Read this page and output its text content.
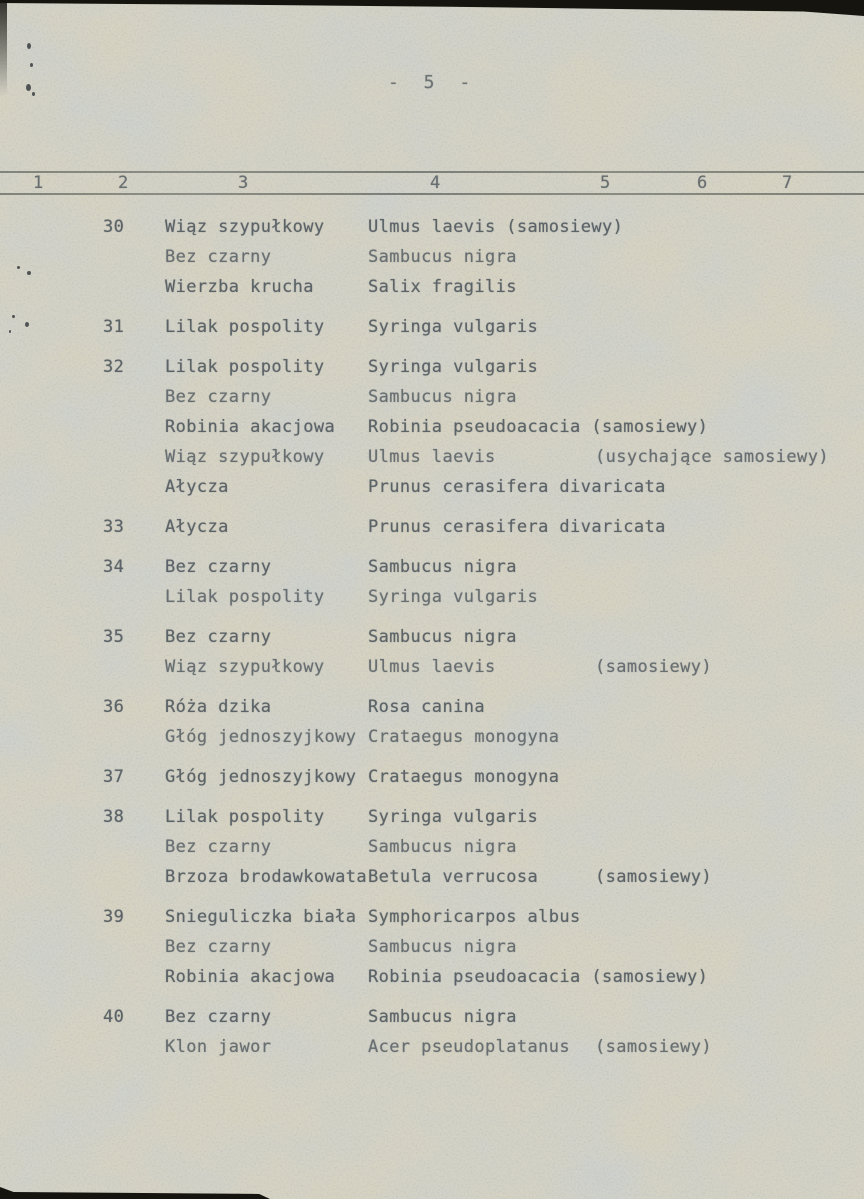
- 5 -
1	2	3	4	5	6	7
30 Wiąz szypułkowy	Ulmus laevis (samosiewy)
Bez czarny	Sambucus nigra
Wierzba krucha	Salix fragilis
31 Lilak pospolity	Syringa vulgaris
32 Lilak pospolity	Syringa vulgaris
Bez czarny	Sambucus nigra
Robinia akacjowa Robinia pseudoacacia (samosiewy)
Wiąz szypułkowy	Ulmus laevis	(usychające samosiewy)
Ałycza	Prunus cerasifera divaricata
33 Ałycza	Prunus cerasifera divaricata
34 Bez czarny	Sambucus nigra
Lilak pospolity	Syringa vulgaris
35 Bez czarny	Sambucus nigra
Wiąz szypułkowy	Ulmus laevis	(samosiewy)
36 Róża dzika	Rosa canina
Głóg jednoszyjkowy Crataegus monogyna
37 Głóg jednoszyjkowy Crataegus monogyna
38 Lilak pospolity	Syringa vulgaris
Bez czarny	Sambucus nigra
Brzoza brodawkowata Betula verrucosa	(samosiewy)
39 Snieguliczka biała Symphoricarpos albus
Bez czarny	Sambucus nigra
Robinia akacjowa Robinia pseudoacacia (samosiewy)
40 Bez czarny	Sambucus nigra
Klon jawor	Acer pseudoplatanus (samosiewy)
